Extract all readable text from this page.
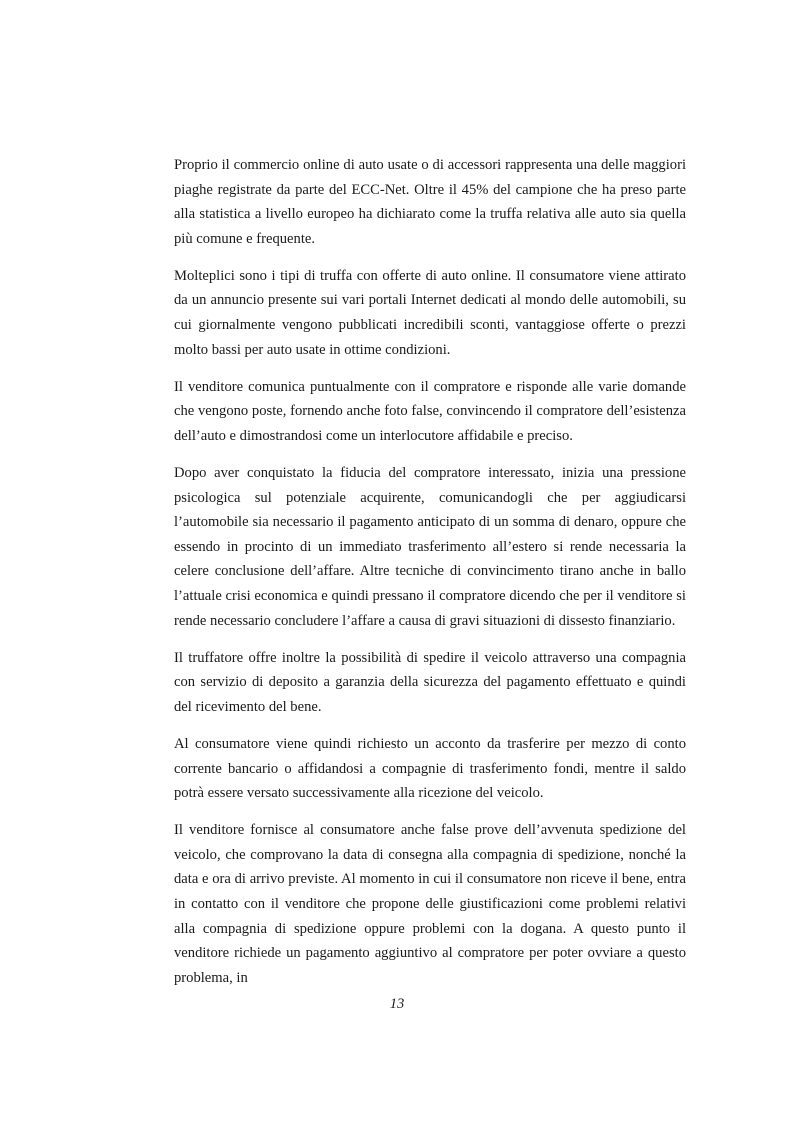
Proprio il commercio online di auto usate o di accessori rappresenta una delle maggiori piaghe registrate da parte del ECC-Net. Oltre il 45% del campione che ha preso parte alla statistica a livello europeo ha dichiarato come la truffa relativa alle auto sia quella più comune e frequente.

Molteplici sono i tipi di truffa con offerte di auto online. Il consumatore viene attirato da un annuncio presente sui vari portali Internet dedicati al mondo delle automobili, su cui giornalmente vengono pubblicati incredibili sconti, vantaggiose offerte o prezzi molto bassi per auto usate in ottime condizioni.

Il venditore comunica puntualmente con il compratore e risponde alle varie domande che vengono poste, fornendo anche foto false, convincendo il compratore dell’esistenza dell’auto e dimostrandosi come un interlocutore affidabile e preciso.

Dopo aver conquistato la fiducia del compratore interessato, inizia una pressione psicologica sul potenziale acquirente, comunicandogli che per aggiudicarsi l’automobile sia necessario il pagamento anticipato di un somma di denaro, oppure che essendo in procinto di un immediato trasferimento all’estero si rende necessaria la celere conclusione dell’affare. Altre tecniche di convincimento tirano anche in ballo l’attuale crisi economica e quindi pressano il compratore dicendo che per il venditore si rende necessario concludere l’affare a causa di gravi situazioni di dissesto finanziario.

Il truffatore offre inoltre la possibilità di spedire il veicolo attraverso una compagnia con servizio di deposito a garanzia della sicurezza del pagamento effettuato e quindi del ricevimento del bene.

Al consumatore viene quindi richiesto un acconto da trasferire per mezzo di conto corrente bancario o affidandosi a compagnie di trasferimento fondi, mentre il saldo potrà essere versato successivamente alla ricezione del veicolo.

Il venditore fornisce al consumatore anche false prove dell’avvenuta spedizione del veicolo, che comprovano la data di consegna alla compagnia di spedizione, nonché la data e ora di arrivo previste. Al momento in cui il consumatore non riceve il bene, entra in contatto con il venditore che propone delle giustificazioni come problemi relativi alla compagnia di spedizione oppure problemi con la dogana. A questo punto il venditore richiede un pagamento aggiuntivo al compratore per poter ovviare a questo problema, in

13
